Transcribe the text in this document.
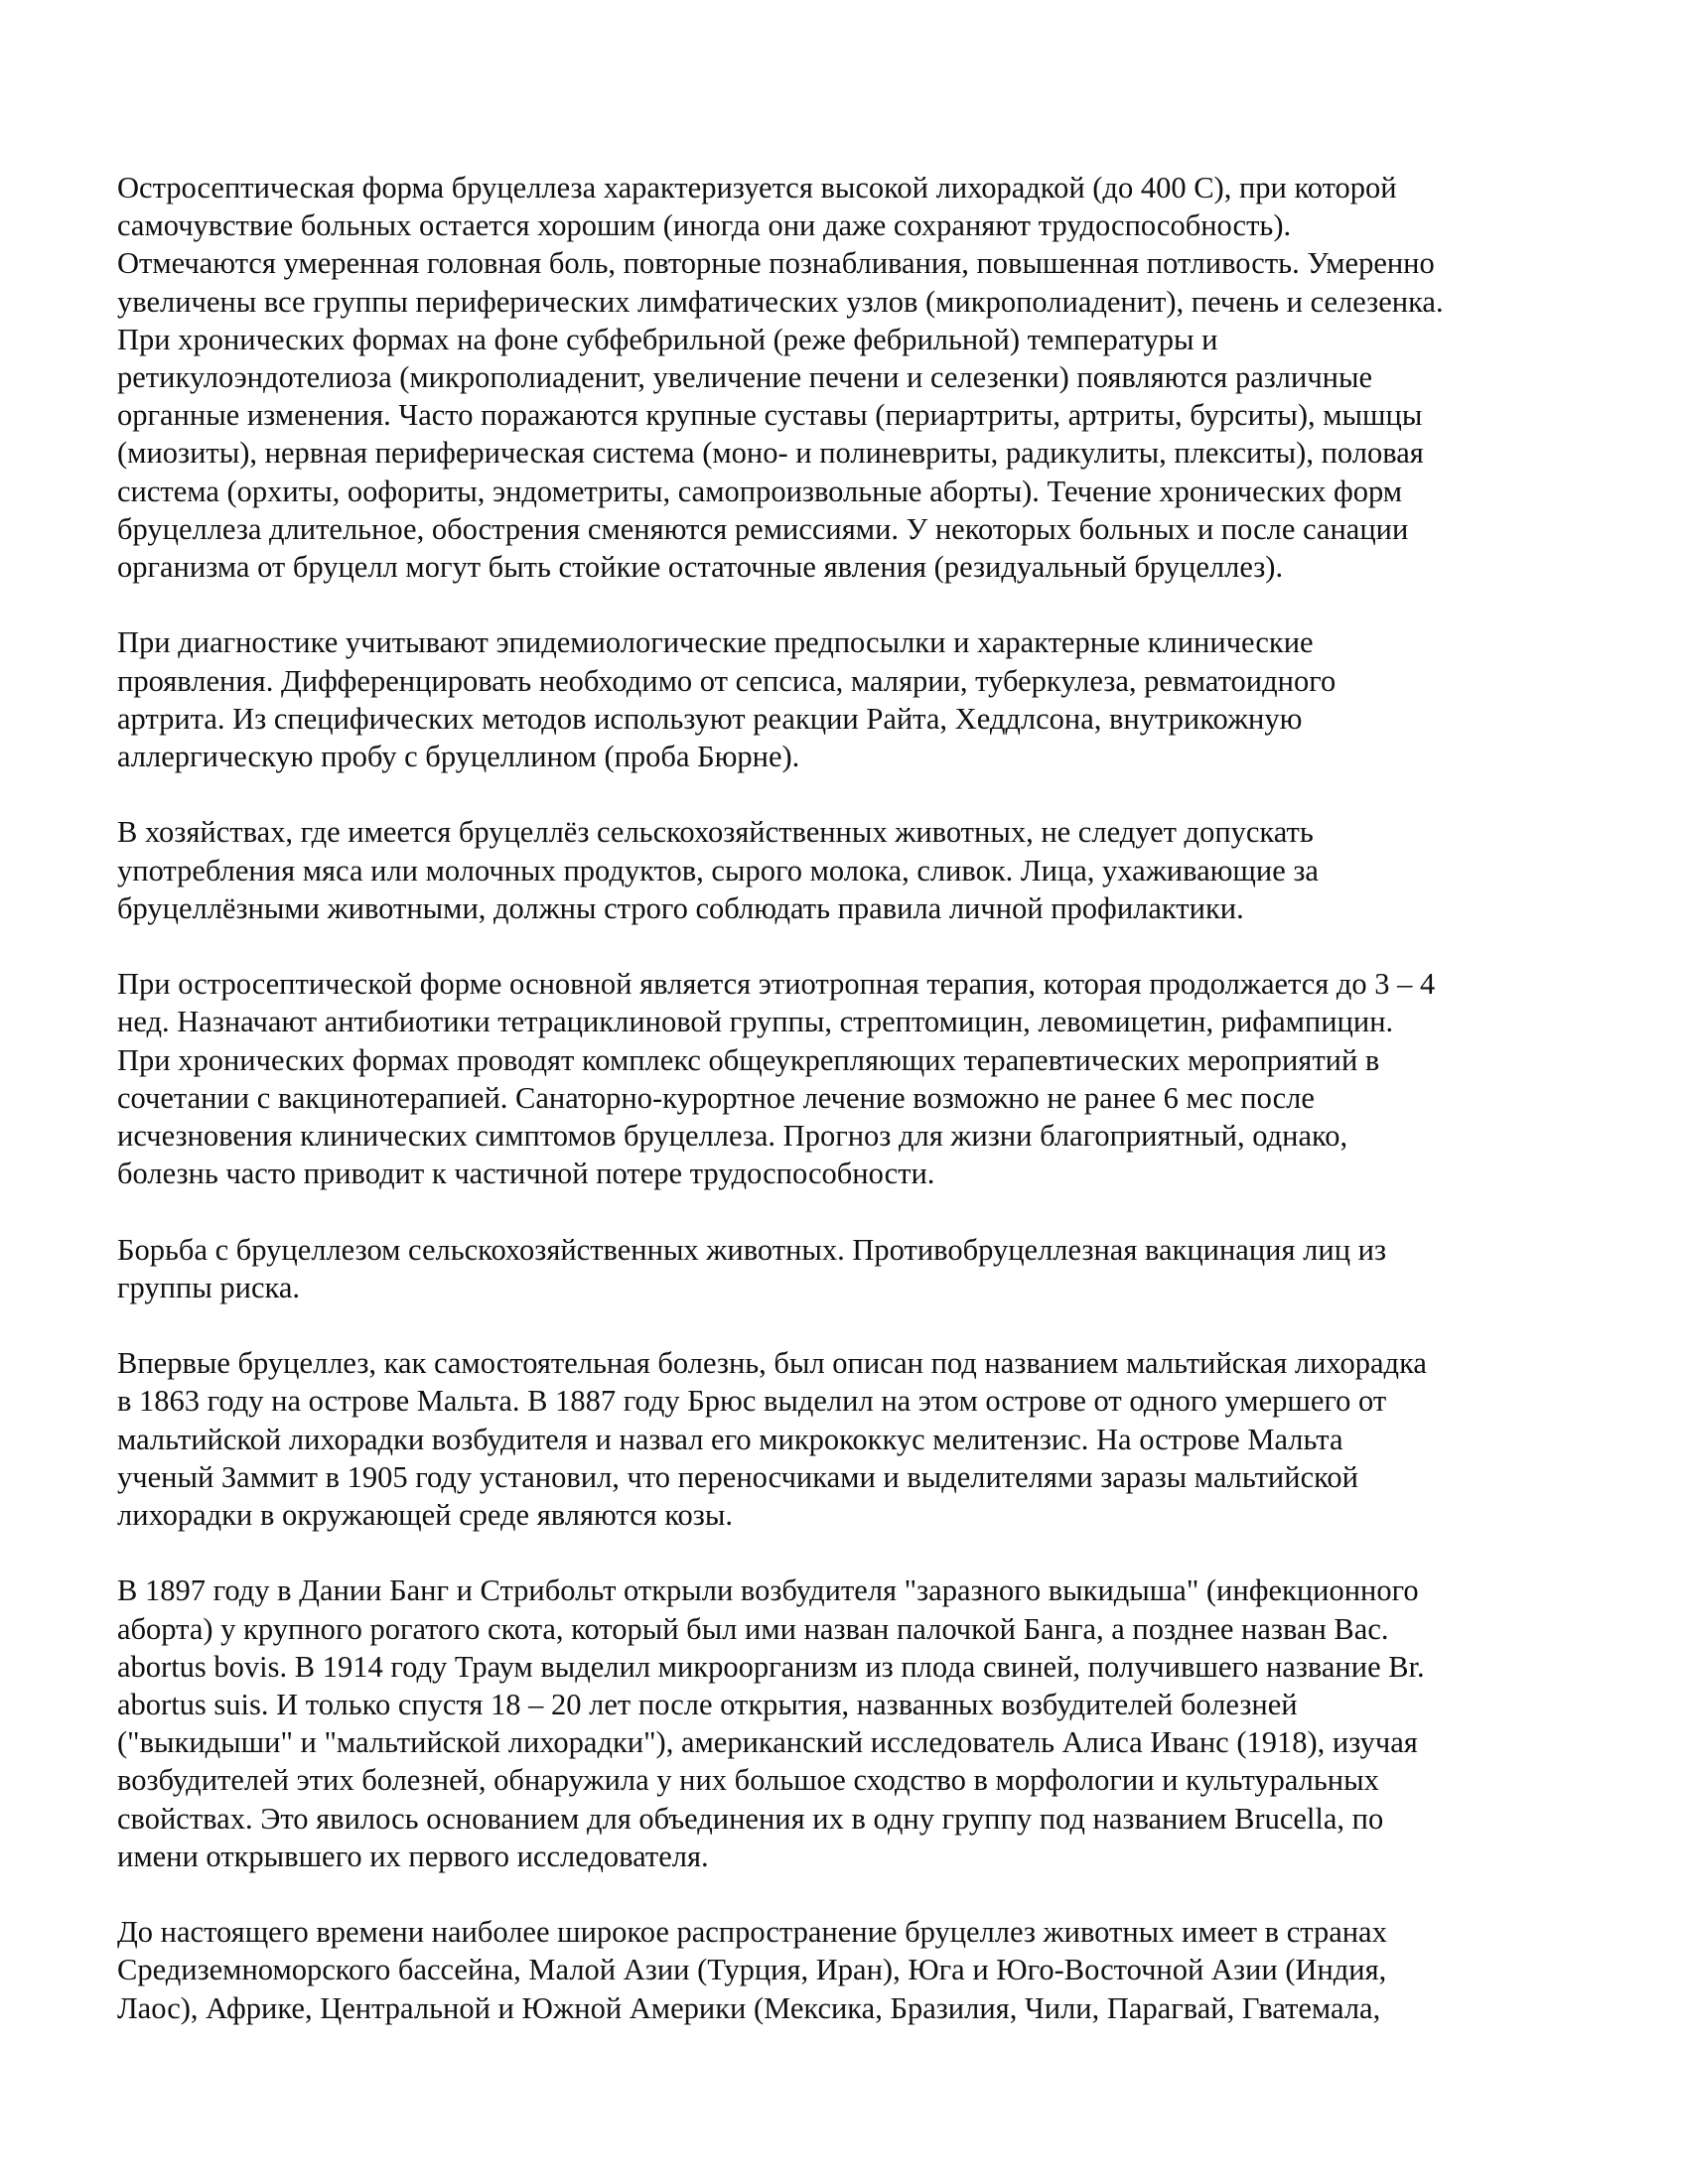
Остросептическая форма бруцеллеза характеризуется высокой лихорадкой (до 400 С), при которой
самочувствие больных остается хорошим (иногда они даже сохраняют трудоспособность).
Отмечаются умеренная головная боль, повторные познабливания, повышенная потливость. Умеренно
увеличены все группы периферических лимфатических узлов (микрополиаденит), печень и селезенка.
При хронических формах на фоне субфебрильной (реже фебрильной) температуры и
ретикулоэндотелиоза (микрополиаденит, увеличение печени и селезенки) появляются различные
органные изменения. Часто поражаются крупные суставы (периартриты, артриты, бурситы), мышцы
(миозиты), нервная периферическая система (моно- и полиневриты, радикулиты, плекситы), половая
система (орхиты, оофориты, эндометриты, самопроизвольные аборты). Течение хронических форм
бруцеллеза длительное, обострения сменяются ремиссиями. У некоторых больных и после санации
организма от бруцелл могут быть стойкие остаточные явления (резидуальный бруцеллез).

При диагностике учитывают эпидемиологические предпосылки и характерные клинические
проявления. Дифференцировать необходимо от сепсиса, малярии, туберкулеза, ревматоидного
артрита. Из специфических методов используют реакции Райта, Хеддлсона, внутрикожную
аллергическую пробу с бруцеллином (проба Бюрне).

В хозяйствах, где имеется бруцеллёз сельскохозяйственных животных, не следует допускать
употребления мяса или молочных продуктов, сырого молока, сливок. Лица, ухаживающие за
бруцеллёзными животными, должны строго соблюдать правила личной профилактики.

При остросептической форме основной является этиотропная терапия, которая продолжается до 3 – 4
нед. Назначают антибиотики тетрациклиновой группы, стрептомицин, левомицетин, рифампицин.
При хронических формах проводят комплекс общеукрепляющих терапевтических мероприятий в
сочетании с вакцинотерапией. Санаторно-курортное лечение возможно не ранее 6 мес после
исчезновения клинических симптомов бруцеллеза. Прогноз для жизни благоприятный, однако,
болезнь часто приводит к частичной потере трудоспособности.

Борьба с бруцеллезом сельскохозяйственных животных. Противобруцеллезная вакцинация лиц из
группы риска.

Впервые бруцеллез, как самостоятельная болезнь, был описан под названием мальтийская лихорадка
в 1863 году на острове Мальта. В 1887 году Брюс выделил на этом острове от одного умершего от
мальтийской лихорадки возбудителя и назвал его микрококкус мелитензис. На острове Мальта
ученый Заммит в 1905 году установил, что переносчиками и выделителями заразы мальтийской
лихорадки в окружающей среде являются козы.

В 1897 году в Дании Банг и Стрибольт открыли возбудителя "заразного выкидыша" (инфекционного
аборта) у крупного рогатого скота, который был ими назван палочкой Банга, а позднее назван Вас.
abortus bovis. В 1914 году Траум выделил микроорганизм из плода свиней, получившего название Br.
abortus suis. И только спустя 18 – 20 лет после открытия, названных возбудителей болезней
("выкидыши" и "мальтийской лихорадки"), американский исследователь Алиса Иванс (1918), изучая
возбудителей этих болезней, обнаружила у них большое сходство в морфологии и культуральных
свойствах. Это явилось основанием для объединения их в одну группу под названием Brucella, по
имени открывшего их первого исследователя.

До настоящего времени наиболее широкое распространение бруцеллез животных имеет в странах
Средиземноморского бассейна, Малой Азии (Турция, Иран), Юга и Юго-Восточной Азии (Индия,
Лаос), Африке, Центральной и Южной Америки (Мексика, Бразилия, Чили, Парагвай, Гватемала,
